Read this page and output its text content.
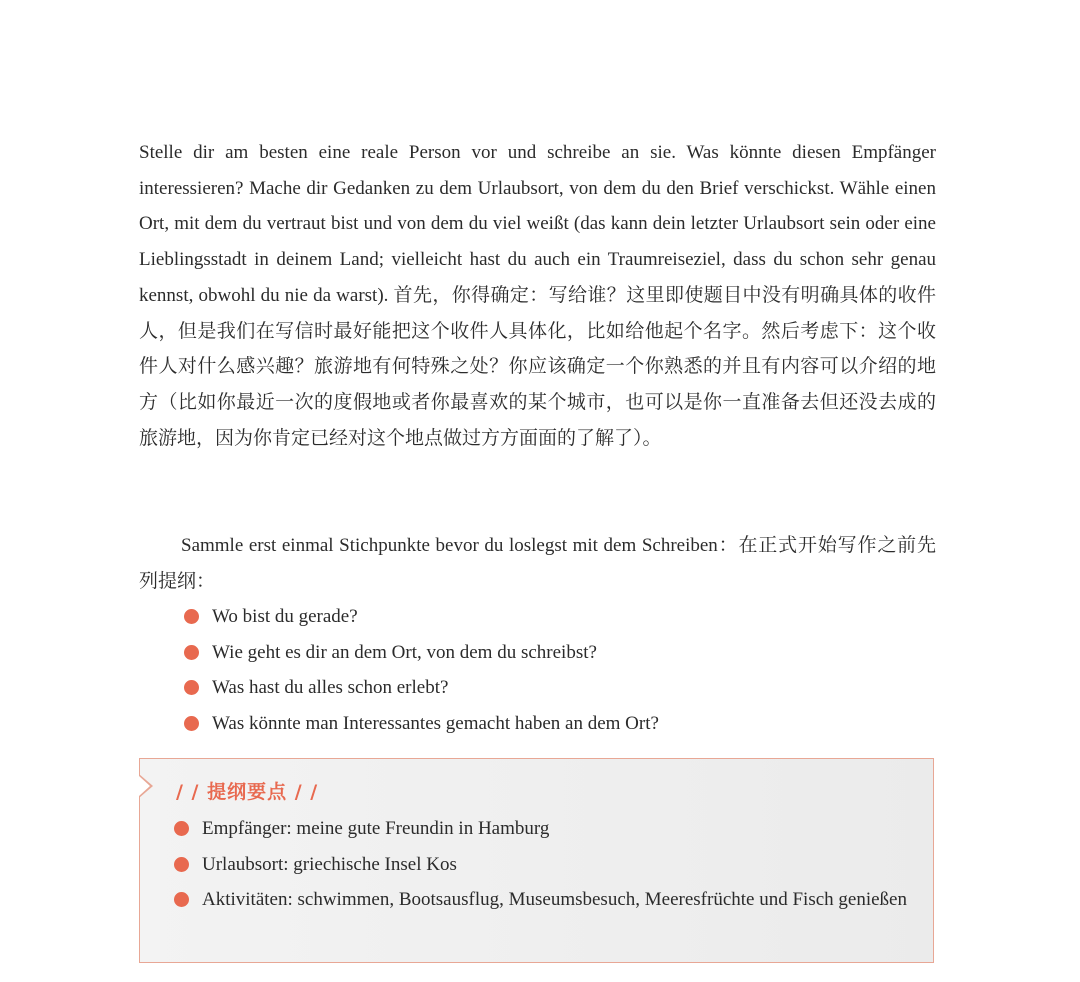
Stelle dir am besten eine reale Person vor und schreibe an sie. Was könnte diesen Empfänger interessieren? Mache dir Gedanken zu dem Urlaubsort, von dem du den Brief verschickst. Wähle einen Ort, mit dem du vertraut bist und von dem du viel weißt (das kann dein letzter Urlaubsort sein oder eine Lieblingsstadt in deinem Land; vielleicht hast du auch ein Traumreiseziel, dass du schon sehr genau kennst, obwohl du nie da warst). 首先，你得确定：写给谁？这里即使题目中没有明确具体的收件人，但是我们在写信时最好能把这个收件人具体化，比如给他起个名字。然后考虑下：这个收件人对什么感兴趣？旅游地有何特殊之处？你应该确定一个你熟悉的并且有内容可以介绍的地方（比如你最近一次的度假地或者你最喜欢的某个城市，也可以是你一直准备去但还没去成的旅游地，因为你肯定已经对这个地点做过方方面面的了解了）。

Sammle erst einmal Stichpunkte bevor du loslegst mit dem Schreiben：在正式开始写作之前先列提纲：

Wo bist du gerade?
Wie geht es dir an dem Ort, von dem du schreibst?
Was hast du alles schon erlebt?
Was könnte man Interessantes gemacht haben an dem Ort?
/ / 提纲要点 / /
Empfänger: meine gute Freundin in Hamburg
Urlaubsort: griechische Insel Kos
Aktivitäten: schwimmen, Bootsausflug, Museumsbesuch, Meeresfrüchte und Fisch genießen
